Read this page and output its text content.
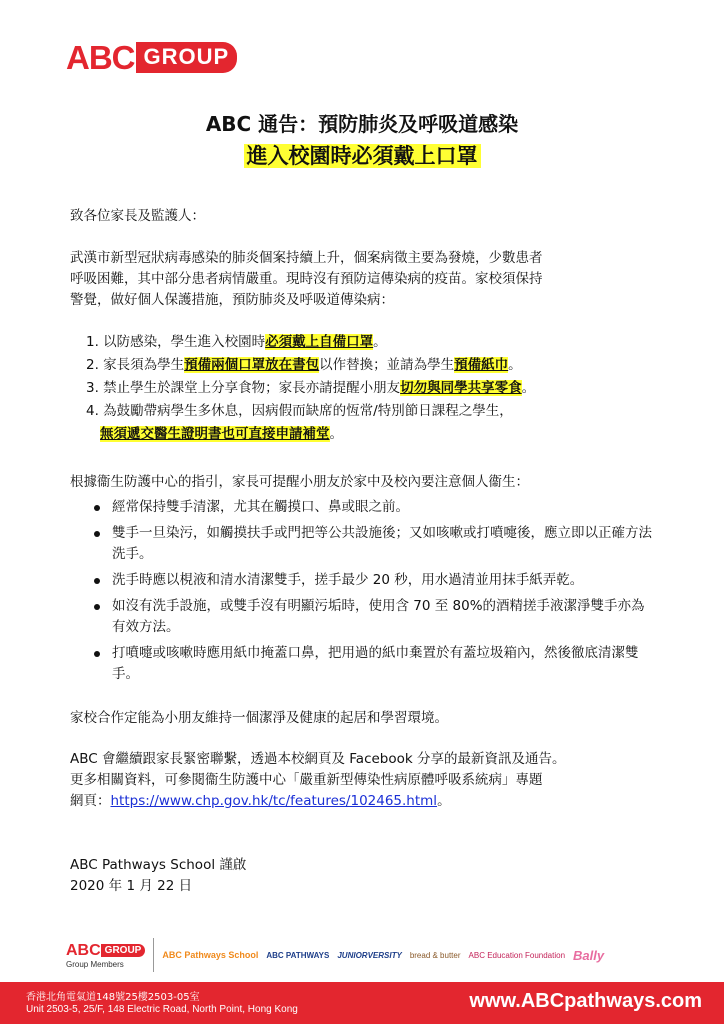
ABC GROUP
ABC 通告：預防肺炎及呼吸道感染
進入校園時必須戴上口罩
致各位家長及監護人：
武漢市新型冠狀病毒感染的肺炎個案持續上升，個案病徵主要為發燒，少數患者
呼吸困難，其中部分患者病情嚴重。現時沒有預防這傳染病的疫苗。家校須保持
警覺，做好個人保護措施，預防肺炎及呼吸道傳染病：
1. 以防感染，學生進入校園時必須戴上自備口罩。
2. 家長須為學生預備兩個口罩放在書包以作替換；並請為學生預備紙巾。
3. 禁止學生於課堂上分享食物；家長亦請提醒小朋友切勿與同學共享零食。
4. 為鼓勵帶病學生多休息，因病假而缺席的恆常/特別節日課程之學生，
無須遞交醫生證明書也可直接申請補堂。
根據衞生防護中心的指引，家長可提醒小朋友於家中及校內要注意個人衞生：
經常保持雙手清潔，尤其在觸摸口、鼻或眼之前。
雙手一旦染污，如觸摸扶手或門把等公共設施後；又如咳嗽或打噴嚏後，應立即以正確方法洗手。
洗手時應以梘液和清水清潔雙手，搓手最少 20 秒，用水過清並用抹手紙弄乾。
如沒有洗手設施，或雙手沒有明顯污垢時，使用含 70 至 80%的酒精搓手液潔淨雙手亦為有效方法。
打噴嚏或咳嗽時應用紙巾掩蓋口鼻，把用過的紙巾棄置於有蓋垃圾箱內，然後徹底清潔雙手。
家校合作定能為小朋友維持一個潔淨及健康的起居和學習環境。
ABC 會繼續跟家長緊密聯繫，透過本校網頁及 Facebook 分享的最新資訊及通告。
更多相關資料，可參閱衞生防護中心「嚴重新型傳染性病原體呼吸系統病」專題
網頁：https://www.chp.gov.hk/tc/features/102465.html。
ABC Pathways School 謹啟
2020 年 1 月 22 日
ABC GROUP
Group Members
ABC Pathways School ABC PATHWAYS JUNIORVERSITY bread & butter ABC Education Foundation Bally
香港北角電氣道148號25樓2503-05室
Unit 2503-5, 25/F, 148 Electric Road, North Point, Hong Kong	www.ABCpathways.com
